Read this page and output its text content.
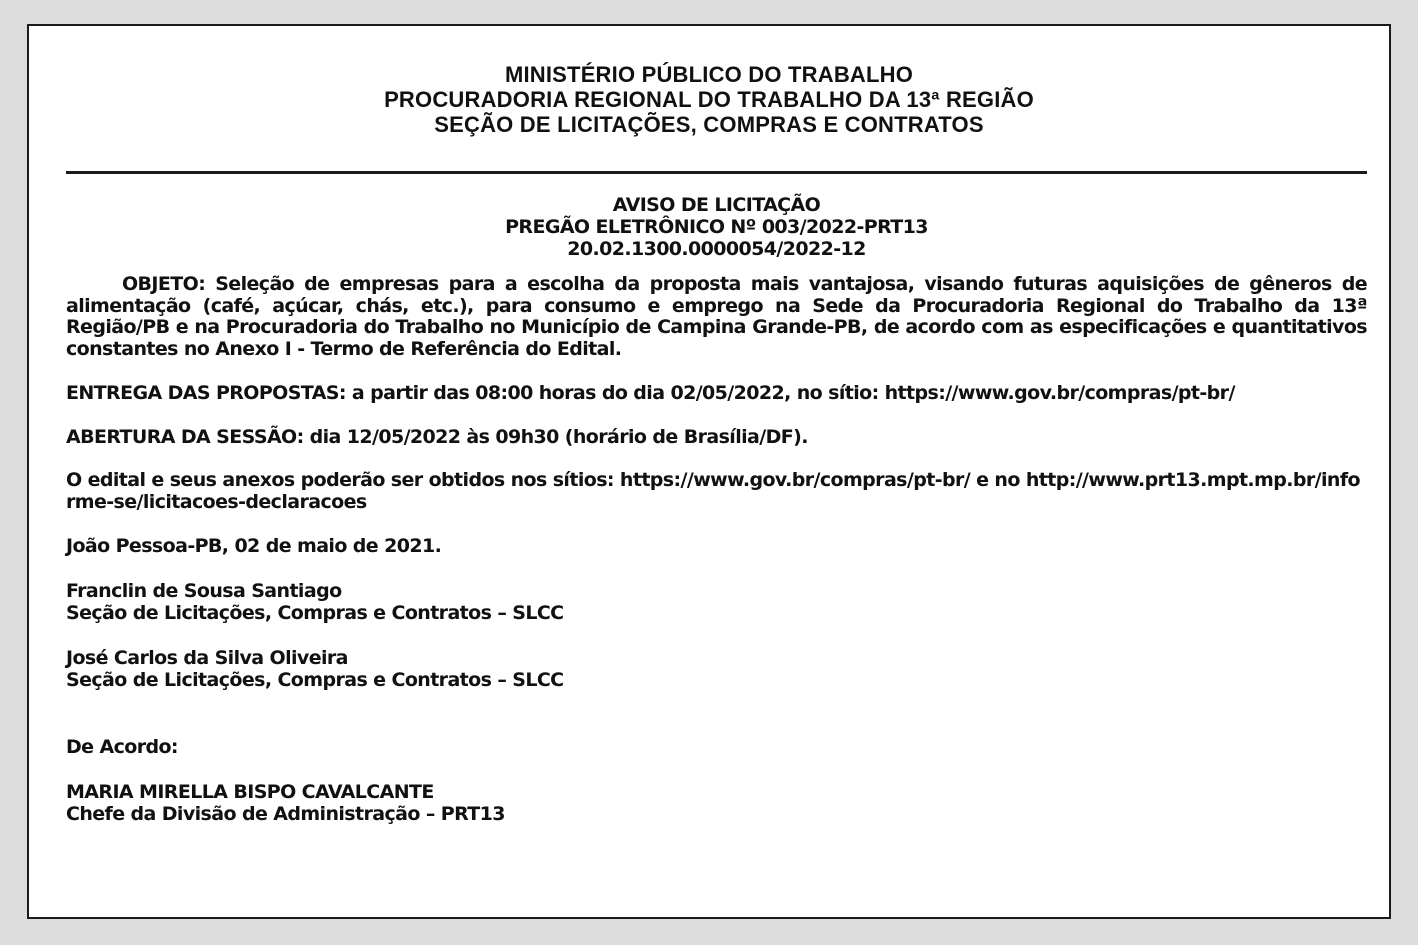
MINISTÉRIO PÚBLICO DO TRABALHO
PROCURADORIA REGIONAL DO TRABALHO DA 13ª REGIÃO
SEÇÃO DE LICITAÇÕES, COMPRAS E CONTRATOS
AVISO DE LICITAÇÃO
PREGÃO ELETRÔNICO Nº 003/2022-PRT13
20.02.1300.0000054/2022-12
OBJETO: Seleção de empresas para a escolha da proposta mais vantajosa, visando futuras aquisições de gêneros de alimentação (café, açúcar, chás, etc.), para consumo e emprego na Sede da Procuradoria Regional do Trabalho da 13ª Região/PB e na Procuradoria do Trabalho no Município de Campina Grande-PB, de acordo com as especificações e quantitativos constantes no Anexo I - Termo de Referência do Edital.
ENTREGA DAS PROPOSTAS: a partir das 08:00 horas do dia 02/05/2022, no sítio: https://www.gov.br/compras/pt-br/
ABERTURA DA SESSÃO: dia 12/05/2022 às 09h30 (horário de Brasília/DF).
O edital e seus anexos poderão ser obtidos nos sítios: https://www.gov.br/compras/pt-br/ e no http://www.prt13.mpt.mp.br/informe-se/licitacoes-declaracoes
João Pessoa-PB, 02 de maio de 2021.
Franclin de Sousa Santiago
Seção de Licitações, Compras e Contratos – SLCC
José Carlos da Silva Oliveira
Seção de Licitações, Compras e Contratos – SLCC
De Acordo:
MARIA MIRELLA BISPO CAVALCANTE
Chefe da Divisão de Administração – PRT13
